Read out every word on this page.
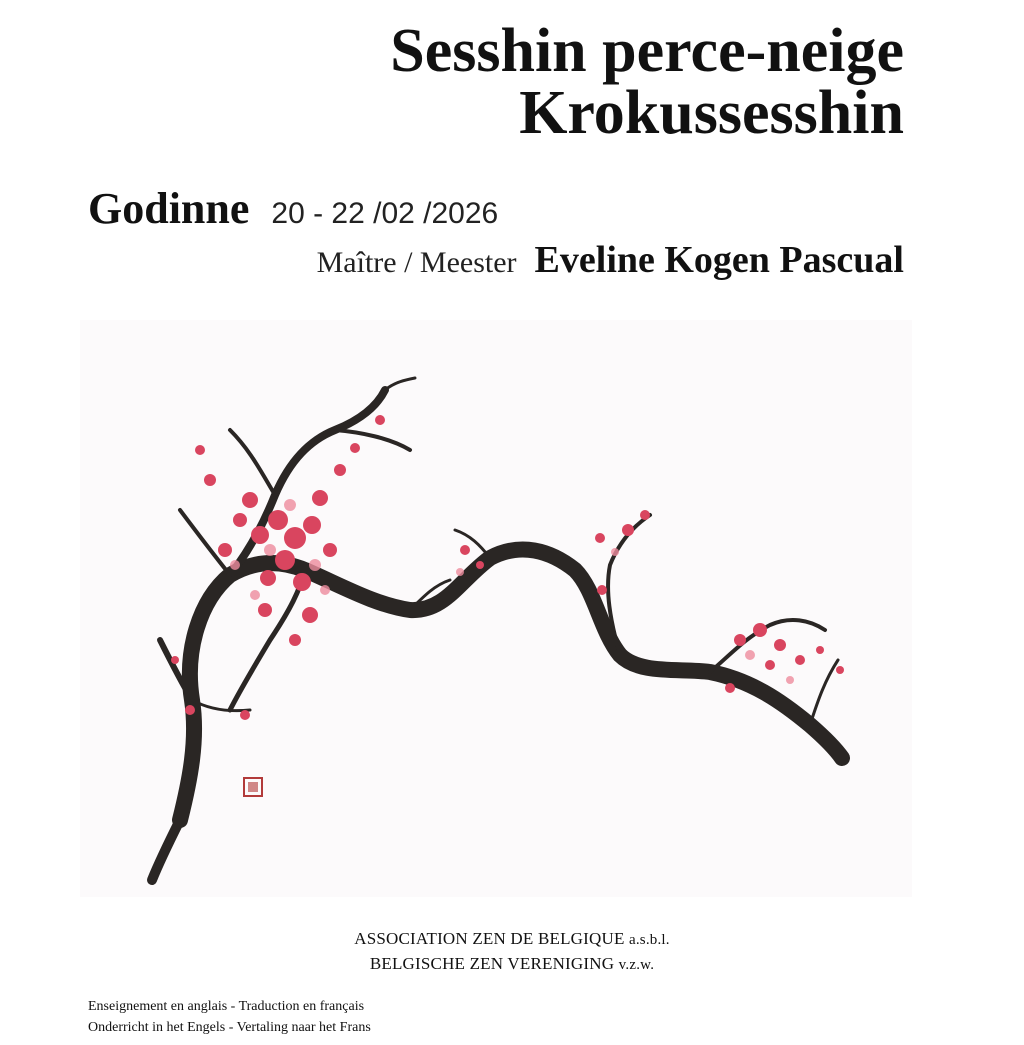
Sesshin perce-neige
Krokussesshin
Godinne 20 - 22 /02 /2026
Maître / Meester Eveline Kogen Pascual
ASSOCIATION ZEN DE BELGIQUE a.s.b.l.
BELGISCHE ZEN VERENIGING v.z.w.
Enseignement en anglais - Traduction en français
Onderricht in het Engels - Vertaling naar het Frans
